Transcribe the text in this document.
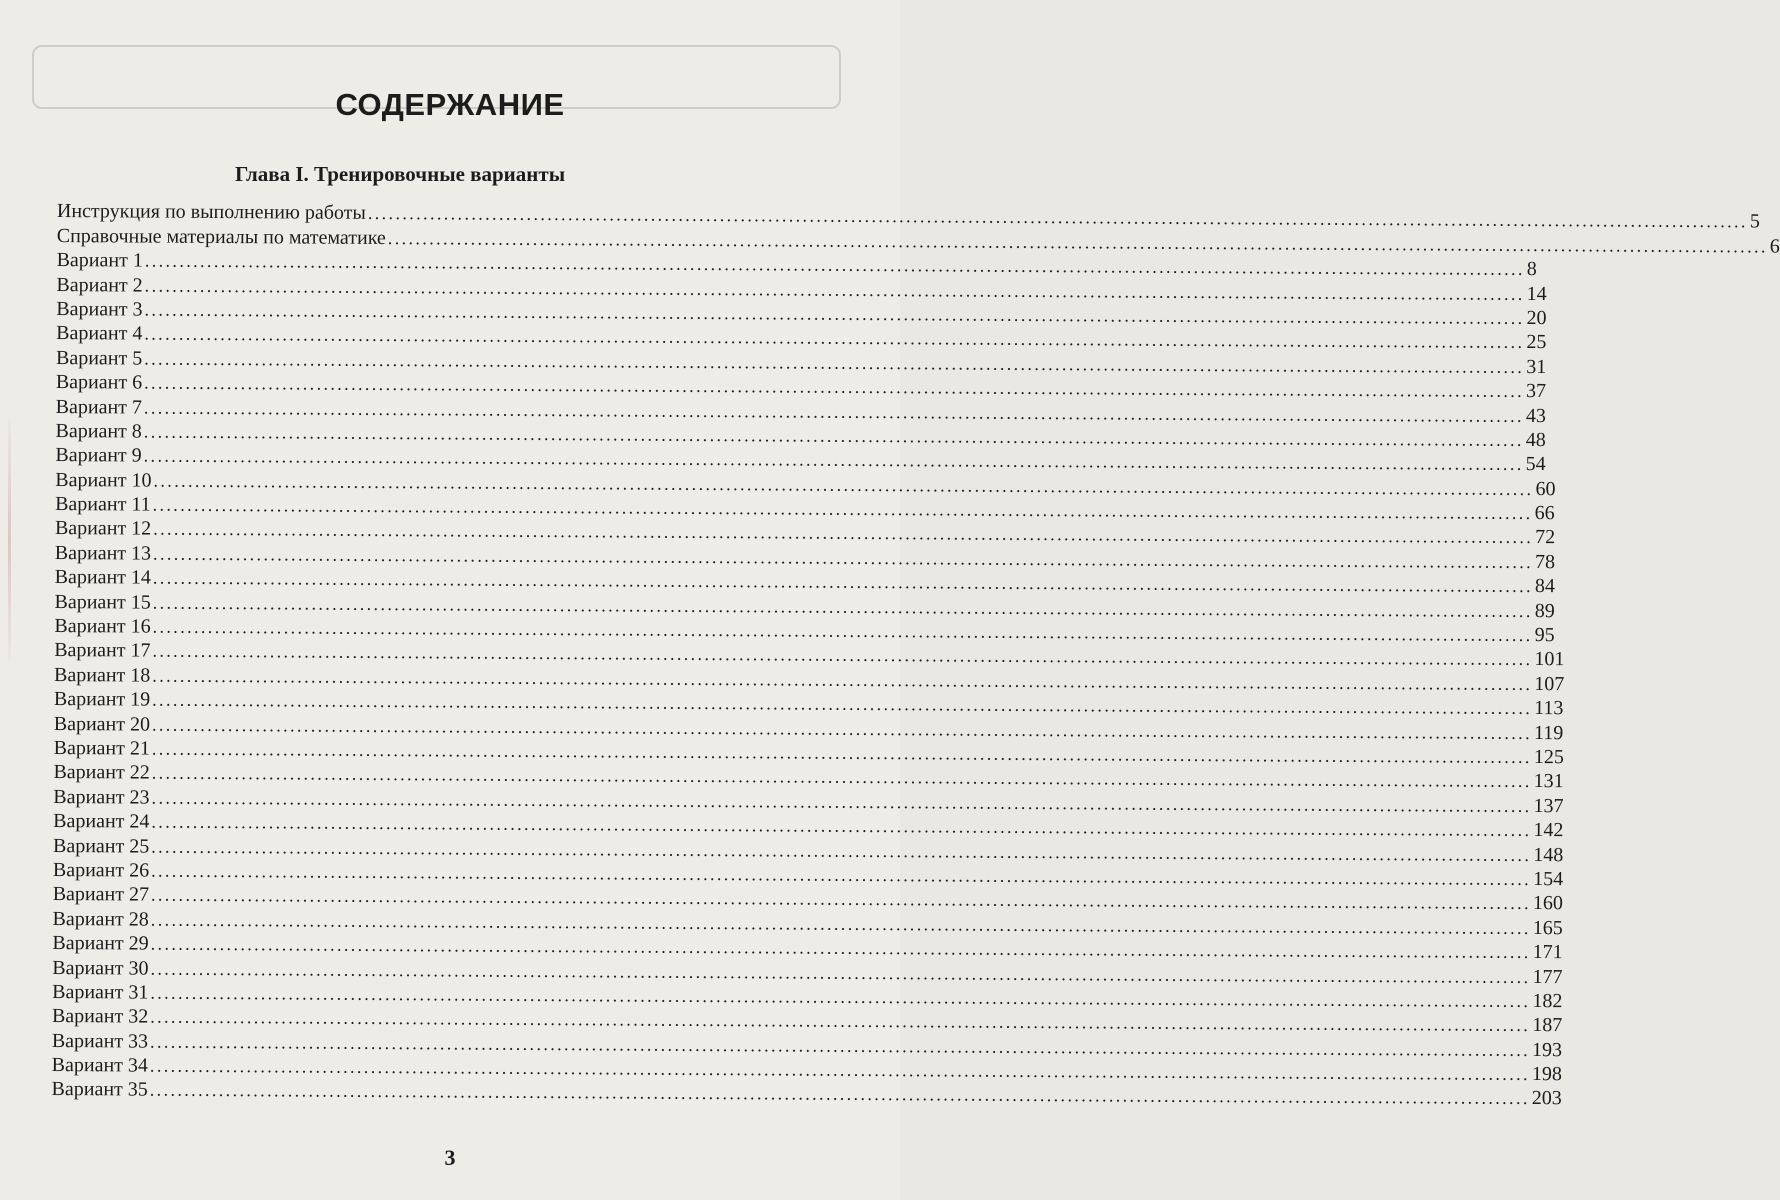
СОДЕРЖАНИЕ
Глава I. Тренировочные варианты
Инструкция по выполнению работы ........................................................................................................................................................................................................ 5
Справочные материалы по математике ........................................................................................................................................................................................................ 6
Вариант 1 ........................................................................................................................................................................................................ 8
Вариант 2 ........................................................................................................................................................................................................ 14
Вариант 3 ........................................................................................................................................................................................................ 20
Вариант 4 ........................................................................................................................................................................................................ 25
Вариант 5 ........................................................................................................................................................................................................ 31
Вариант 6 ........................................................................................................................................................................................................ 37
Вариант 7 ........................................................................................................................................................................................................ 43
Вариант 8 ........................................................................................................................................................................................................ 48
Вариант 9 ........................................................................................................................................................................................................ 54
Вариант 10 ........................................................................................................................................................................................................ 60
Вариант 11 ........................................................................................................................................................................................................ 66
Вариант 12 ........................................................................................................................................................................................................ 72
Вариант 13 ........................................................................................................................................................................................................ 78
Вариант 14 ........................................................................................................................................................................................................ 84
Вариант 15 ........................................................................................................................................................................................................ 89
Вариант 16 ........................................................................................................................................................................................................ 95
Вариант 17 ........................................................................................................................................................................................................ 101
Вариант 18 ........................................................................................................................................................................................................ 107
Вариант 19 ........................................................................................................................................................................................................ 113
Вариант 20 ........................................................................................................................................................................................................ 119
Вариант 21 ........................................................................................................................................................................................................ 125
Вариант 22 ........................................................................................................................................................................................................ 131
Вариант 23 ........................................................................................................................................................................................................ 137
Вариант 24 ........................................................................................................................................................................................................ 142
Вариант 25 ........................................................................................................................................................................................................ 148
Вариант 26 ........................................................................................................................................................................................................ 154
Вариант 27 ........................................................................................................................................................................................................ 160
Вариант 28 ........................................................................................................................................................................................................ 165
Вариант 29 ........................................................................................................................................................................................................ 171
Вариант 30 ........................................................................................................................................................................................................ 177
Вариант 31 ........................................................................................................................................................................................................ 182
Вариант 32 ........................................................................................................................................................................................................ 187
Вариант 33 ........................................................................................................................................................................................................ 193
Вариант 34 ........................................................................................................................................................................................................ 198
Вариант 35 ........................................................................................................................................................................................................ 203
3
